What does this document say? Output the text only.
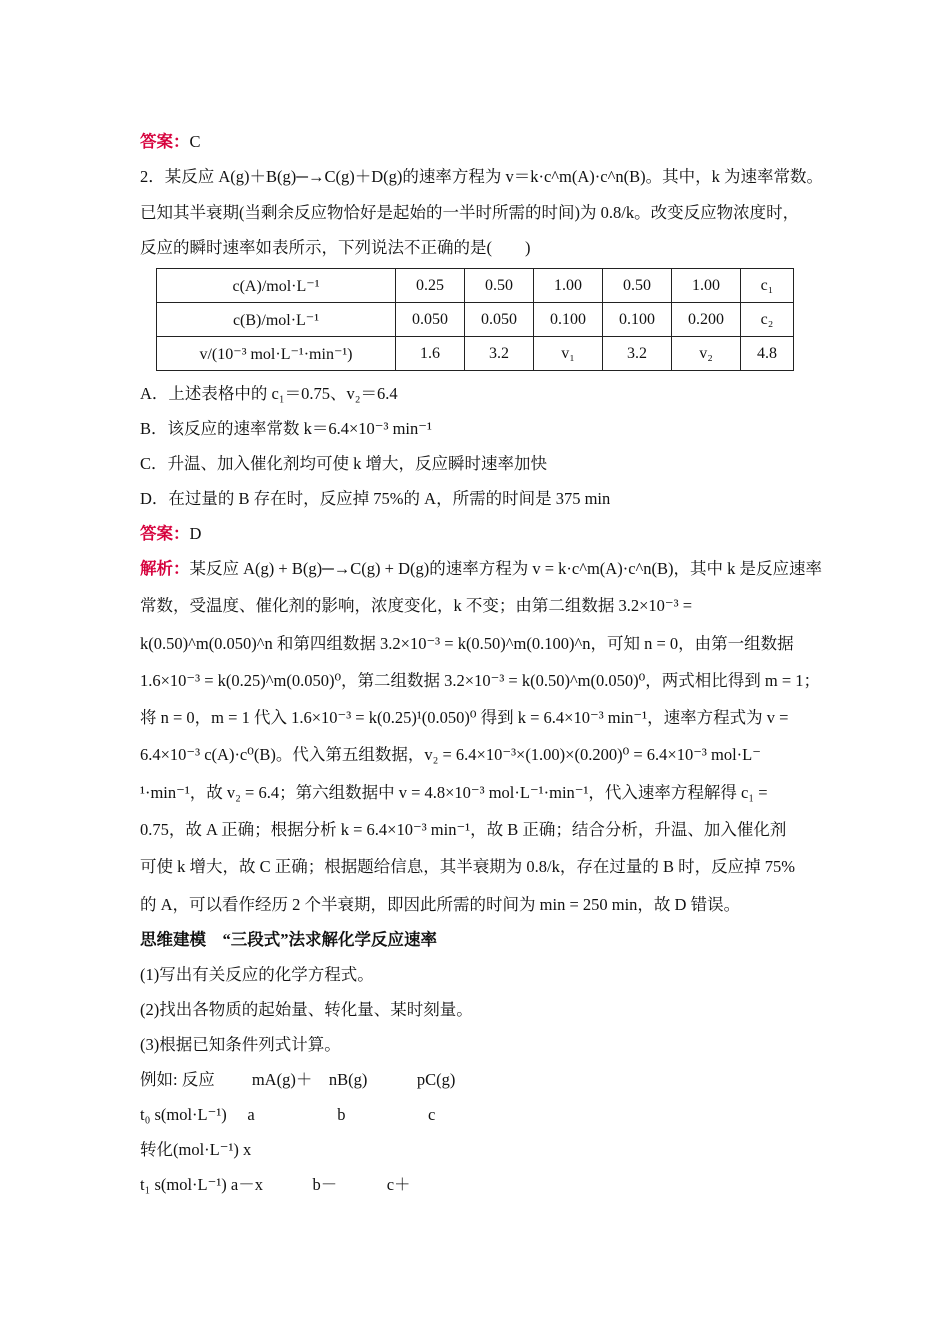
答案：C
2．某反应 A(g)＋B(g)─→C(g)＋D(g)的速率方程为 v＝k·c^m(A)·c^n(B)。其中，k 为速率常数。
已知其半衰期(当剩余反应物恰好是起始的一半时所需的时间)为 0.8/k。改变反应物浓度时，
反应的瞬时速率如表所示，下列说法不正确的是(　　)
c(A)/mol·L⁻¹	0.25	0.50	1.00	0.50	1.00	c₁
c(B)/mol·L⁻¹	0.050	0.050	0.100	0.100	0.200	c₂
v/(10⁻³ mol·L⁻¹·min⁻¹)	1.6	3.2	v₁	3.2	v₂	4.8
A．上述表格中的 c₁＝0.75、v₂＝6.4
B．该反应的速率常数 k＝6.4×10⁻³ min⁻¹
C．升温、加入催化剂均可使 k 增大，反应瞬时速率加快
D．在过量的 B 存在时，反应掉 75%的 A，所需的时间是 375 min
答案：D
解析：某反应 A(g) + B(g)─→C(g) + D(g)的速率方程为 v = k·c^m(A)·c^n(B)，其中 k 是反应速率
常数，受温度、催化剂的影响，浓度变化，k 不变；由第二组数据 3.2×10⁻³ =
k(0.50)^m(0.050)^n 和第四组数据 3.2×10⁻³ = k(0.50)^m(0.100)^n，可知 n = 0，由第一组数据
1.6×10⁻³ = k(0.25)^m(0.050)⁰，第二组数据 3.2×10⁻³ = k(0.50)^m(0.050)⁰，两式相比得到 m = 1；
将 n = 0，m = 1 代入 1.6×10⁻³ = k(0.25)¹(0.050)⁰ 得到 k = 6.4×10⁻³ min⁻¹，速率方程式为 v =
6.4×10⁻³ c(A)·c⁰(B)。代入第五组数据，v₂ = 6.4×10⁻³×(1.00)×(0.200)⁰ = 6.4×10⁻³ mol·L⁻
¹·min⁻¹，故 v₂ = 6.4；第六组数据中 v = 4.8×10⁻³ mol·L⁻¹·min⁻¹，代入速率方程解得 c₁ =
0.75，故 A 正确；根据分析 k = 6.4×10⁻³ min⁻¹，故 B 正确；结合分析，升温、加入催化剂
可使 k 增大，故 C 正确；根据题给信息，其半衰期为 0.8/k，存在过量的 B 时，反应掉 75%
的 A，可以看作经历 2 个半衰期，即因此所需的时间为 min = 250 min，故 D 错误。
思维建模　“三段式”法求解化学反应速率
(1)写出有关反应的化学方程式。
(2)找出各物质的起始量、转化量、某时刻量。
(3)根据已知条件列式计算。
例如: 反应　　 mA(g)＋　nB(g)　　　pC(g)
t₀ s(mol·L⁻¹)　 a　　　　　b　　　　　c
转化(mol·L⁻¹) x
t₁ s(mol·L⁻¹) a－x　　　b－　　　c＋
